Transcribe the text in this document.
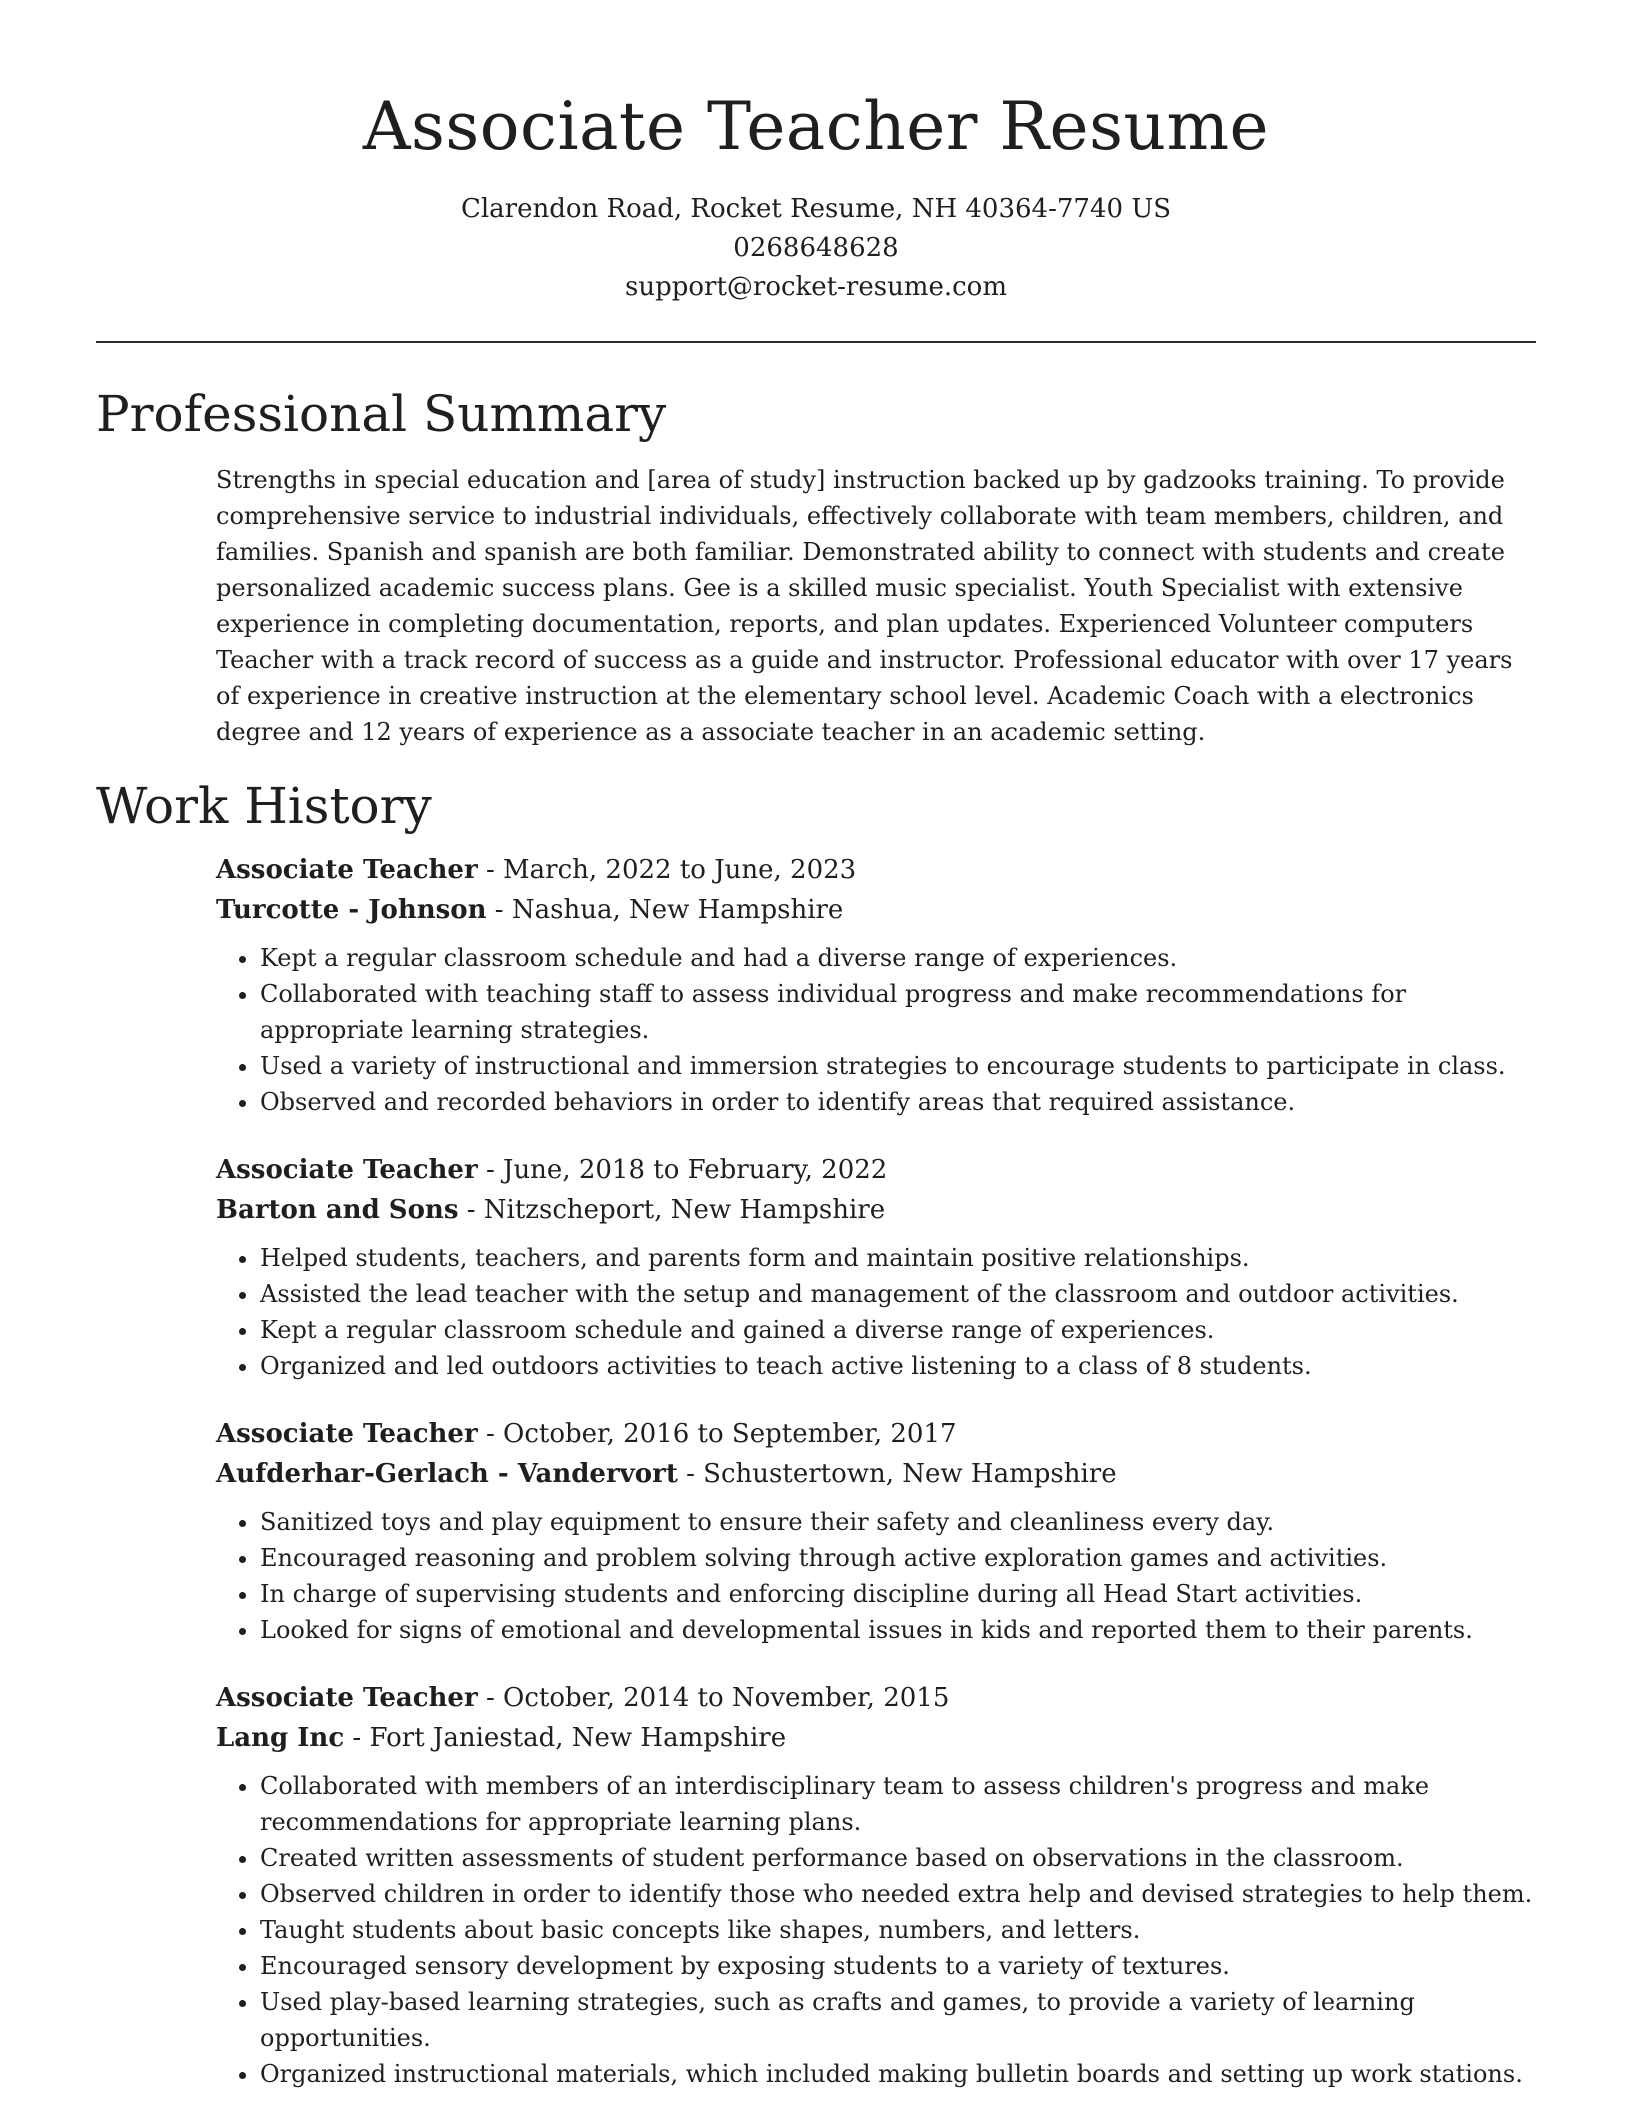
Associate Teacher Resume
Clarendon Road, Rocket Resume, NH 40364-7740 US
0268648628
support@rocket-resume.com
Professional Summary

Strengths in special education and [area of study] instruction backed up by gadzooks training. To provide comprehensive service to industrial individuals, effectively collaborate with team members, children, and families. Spanish and spanish are both familiar. Demonstrated ability to connect with students and create personalized academic success plans. Gee is a skilled music specialist. Youth Specialist with extensive experience in completing documentation, reports, and plan updates. Experienced Volunteer computers Teacher with a track record of success as a guide and instructor. Professional educator with over 17 years of experience in creative instruction at the elementary school level. Academic Coach with a electronics degree and 12 years of experience as a associate teacher in an academic setting.

Work History
Associate Teacher - March, 2022 to June, 2023
Turcotte - Johnson - Nashua, New Hampshire
• Kept a regular classroom schedule and had a diverse range of experiences.
• Collaborated with teaching staff to assess individual progress and make recommendations for appropriate learning strategies.
• Used a variety of instructional and immersion strategies to encourage students to participate in class.
• Observed and recorded behaviors in order to identify areas that required assistance.
Associate Teacher - June, 2018 to February, 2022
Barton and Sons - Nitzscheport, New Hampshire
• Helped students, teachers, and parents form and maintain positive relationships.
• Assisted the lead teacher with the setup and management of the classroom and outdoor activities.
• Kept a regular classroom schedule and gained a diverse range of experiences.
• Organized and led outdoors activities to teach active listening to a class of 8 students.
Associate Teacher - October, 2016 to September, 2017
Aufderhar-Gerlach - Vandervort - Schustertown, New Hampshire
• Sanitized toys and play equipment to ensure their safety and cleanliness every day.
• Encouraged reasoning and problem solving through active exploration games and activities.
• In charge of supervising students and enforcing discipline during all Head Start activities.
• Looked for signs of emotional and developmental issues in kids and reported them to their parents.
Associate Teacher - October, 2014 to November, 2015
Lang Inc - Fort Janiestad, New Hampshire
• Collaborated with members of an interdisciplinary team to assess children's progress and make recommendations for appropriate learning plans.
• Created written assessments of student performance based on observations in the classroom.
• Observed children in order to identify those who needed extra help and devised strategies to help them.
• Taught students about basic concepts like shapes, numbers, and letters.
• Encouraged sensory development by exposing students to a variety of textures.
• Used play-based learning strategies, such as crafts and games, to provide a variety of learning opportunities.
• Organized instructional materials, which included making bulletin boards and setting up work stations.
